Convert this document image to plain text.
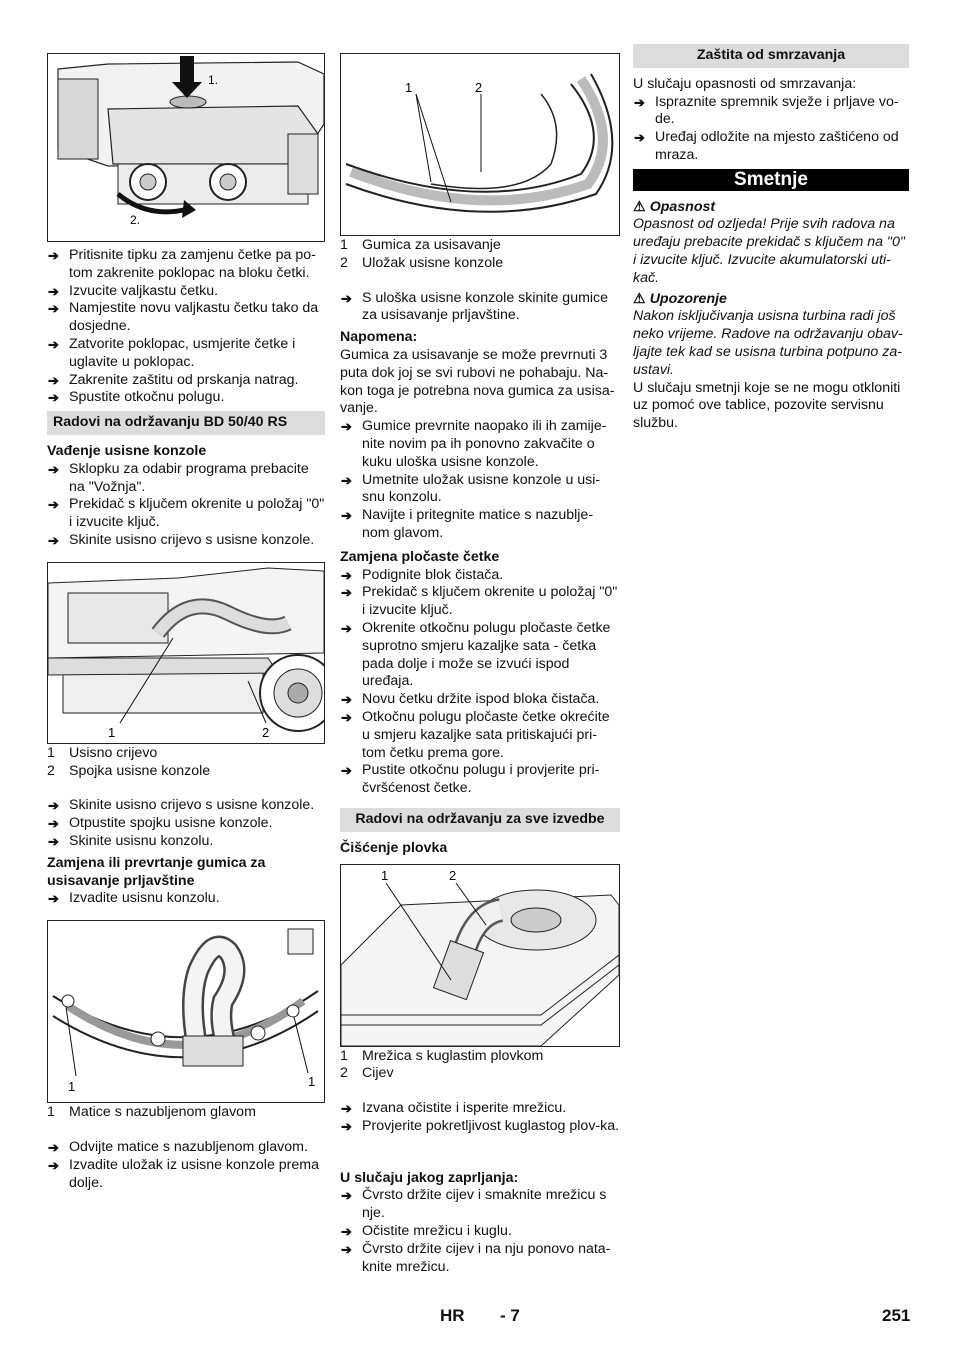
1.
2.
➔ Pritisnite tipku za zamjenu četke pa po-tom zakrenite poklopac na bloku četki.
➔ Izvucite valjkastu četku.
➔ Namjestite novu valjkastu četku tako da dosjedne.
➔ Zatvorite poklopac, usmjerite četke i uglavite u poklopac.
➔ Zakrenite zaštitu od prskanja natrag.
➔ Spustite otkočnu polugu.
Radovi na održavanju BD 50/40 RS
Vađenje usisne konzole
➔ Sklopku za odabir programa prebacite na "Vožnja".
➔ Prekidač s ključem okrenite u položaj "0" i izvucite ključ.
➔ Skinite usisno crijevo s usisne konzole.
1	2
1 Usisno crijevo
2 Spojka usisne konzole
➔ Skinite usisno crijevo s usisne konzole.
➔ Otpustite spojku usisne konzole.
➔ Skinite usisnu konzolu.
Zamjena ili prevrtanje gumica za usisavanje prljavštine
➔ Izvadite usisnu konzolu.
1	1
1 Matice s nazubljenom glavom
➔ Odvijte matice s nazubljenom glavom.
➔ Izvadite uložak iz usisne konzole prema dolje.
1	2
1 Gumica za usisavanje
2 Uložak usisne konzole
➔ S uloška usisne konzole skinite gumice za usisavanje prljavštine.
Napomena:
Gumica za usisavanje se može prevrnuti 3 puta dok joj se svi rubovi ne pohabaju. Na-kon toga je potrebna nova gumica za usisa-vanje.
➔ Gumice prevrnite naopako ili ih zamije-nite novim pa ih ponovno zakvačite o kuku uloška usisne konzole.
➔ Umetnite uložak usisne konzole u usi-snu konzolu.
➔ Navijte i pritegnite matice s nazublje-nom glavom.
Zamjena pločaste četke
➔ Podignite blok čistača.
➔ Prekidač s ključem okrenite u položaj "0" i izvucite ključ.
➔ Okrenite otkočnu polugu pločaste četke suprotno smjeru kazaljke sata - četka pada dolje i može se izvući ispod uređaja.
➔ Novu četku držite ispod bloka čistača.
➔ Otkočnu polugu pločaste četke okrećite u smjeru kazaljke sata pritiskajući pri-tom četku prema gore.
➔ Pustite otkočnu polugu i provjerite pri-čvršćenost četke.
Radovi na održavanju za sve izvedbe
Čišćenje plovka
1	2
1 Mrežica s kuglastim plovkom
2 Cijev
➔ Izvana očistite i isperite mrežicu.
➔ Provjerite pokretljivost kuglastog plov-ka.
U slučaju jakog zaprljanja:
➔ Čvrsto držite cijev i smaknite mrežicu s nje.
➔ Očistite mrežicu i kuglu.
➔ Čvrsto držite cijev i na nju ponovo nata-knite mrežicu.
Zaštita od smrzavanja
U slučaju opasnosti od smrzavanja:
➔ Ispraznite spremnik svježe i prljave vo-de.
➔ Uređaj odložite na mjesto zaštićeno od mraza.
Smetnje
⚠ Opasnost
Opasnost od ozljeda! Prije svih radova na uređaju prebacite prekidač s ključem na "0" i izvucite ključ. Izvucite akumulatorski uti-kač.
⚠ Upozorenje
Nakon isključivanja usisna turbina radi još neko vrijeme. Radove na održavanju obav-ljajte tek kad se usisna turbina potpuno za-ustavi.
U slučaju smetnji koje se ne mogu otkloniti uz pomoć ove tablice, pozovite servisnu službu.
HR - 7	251
